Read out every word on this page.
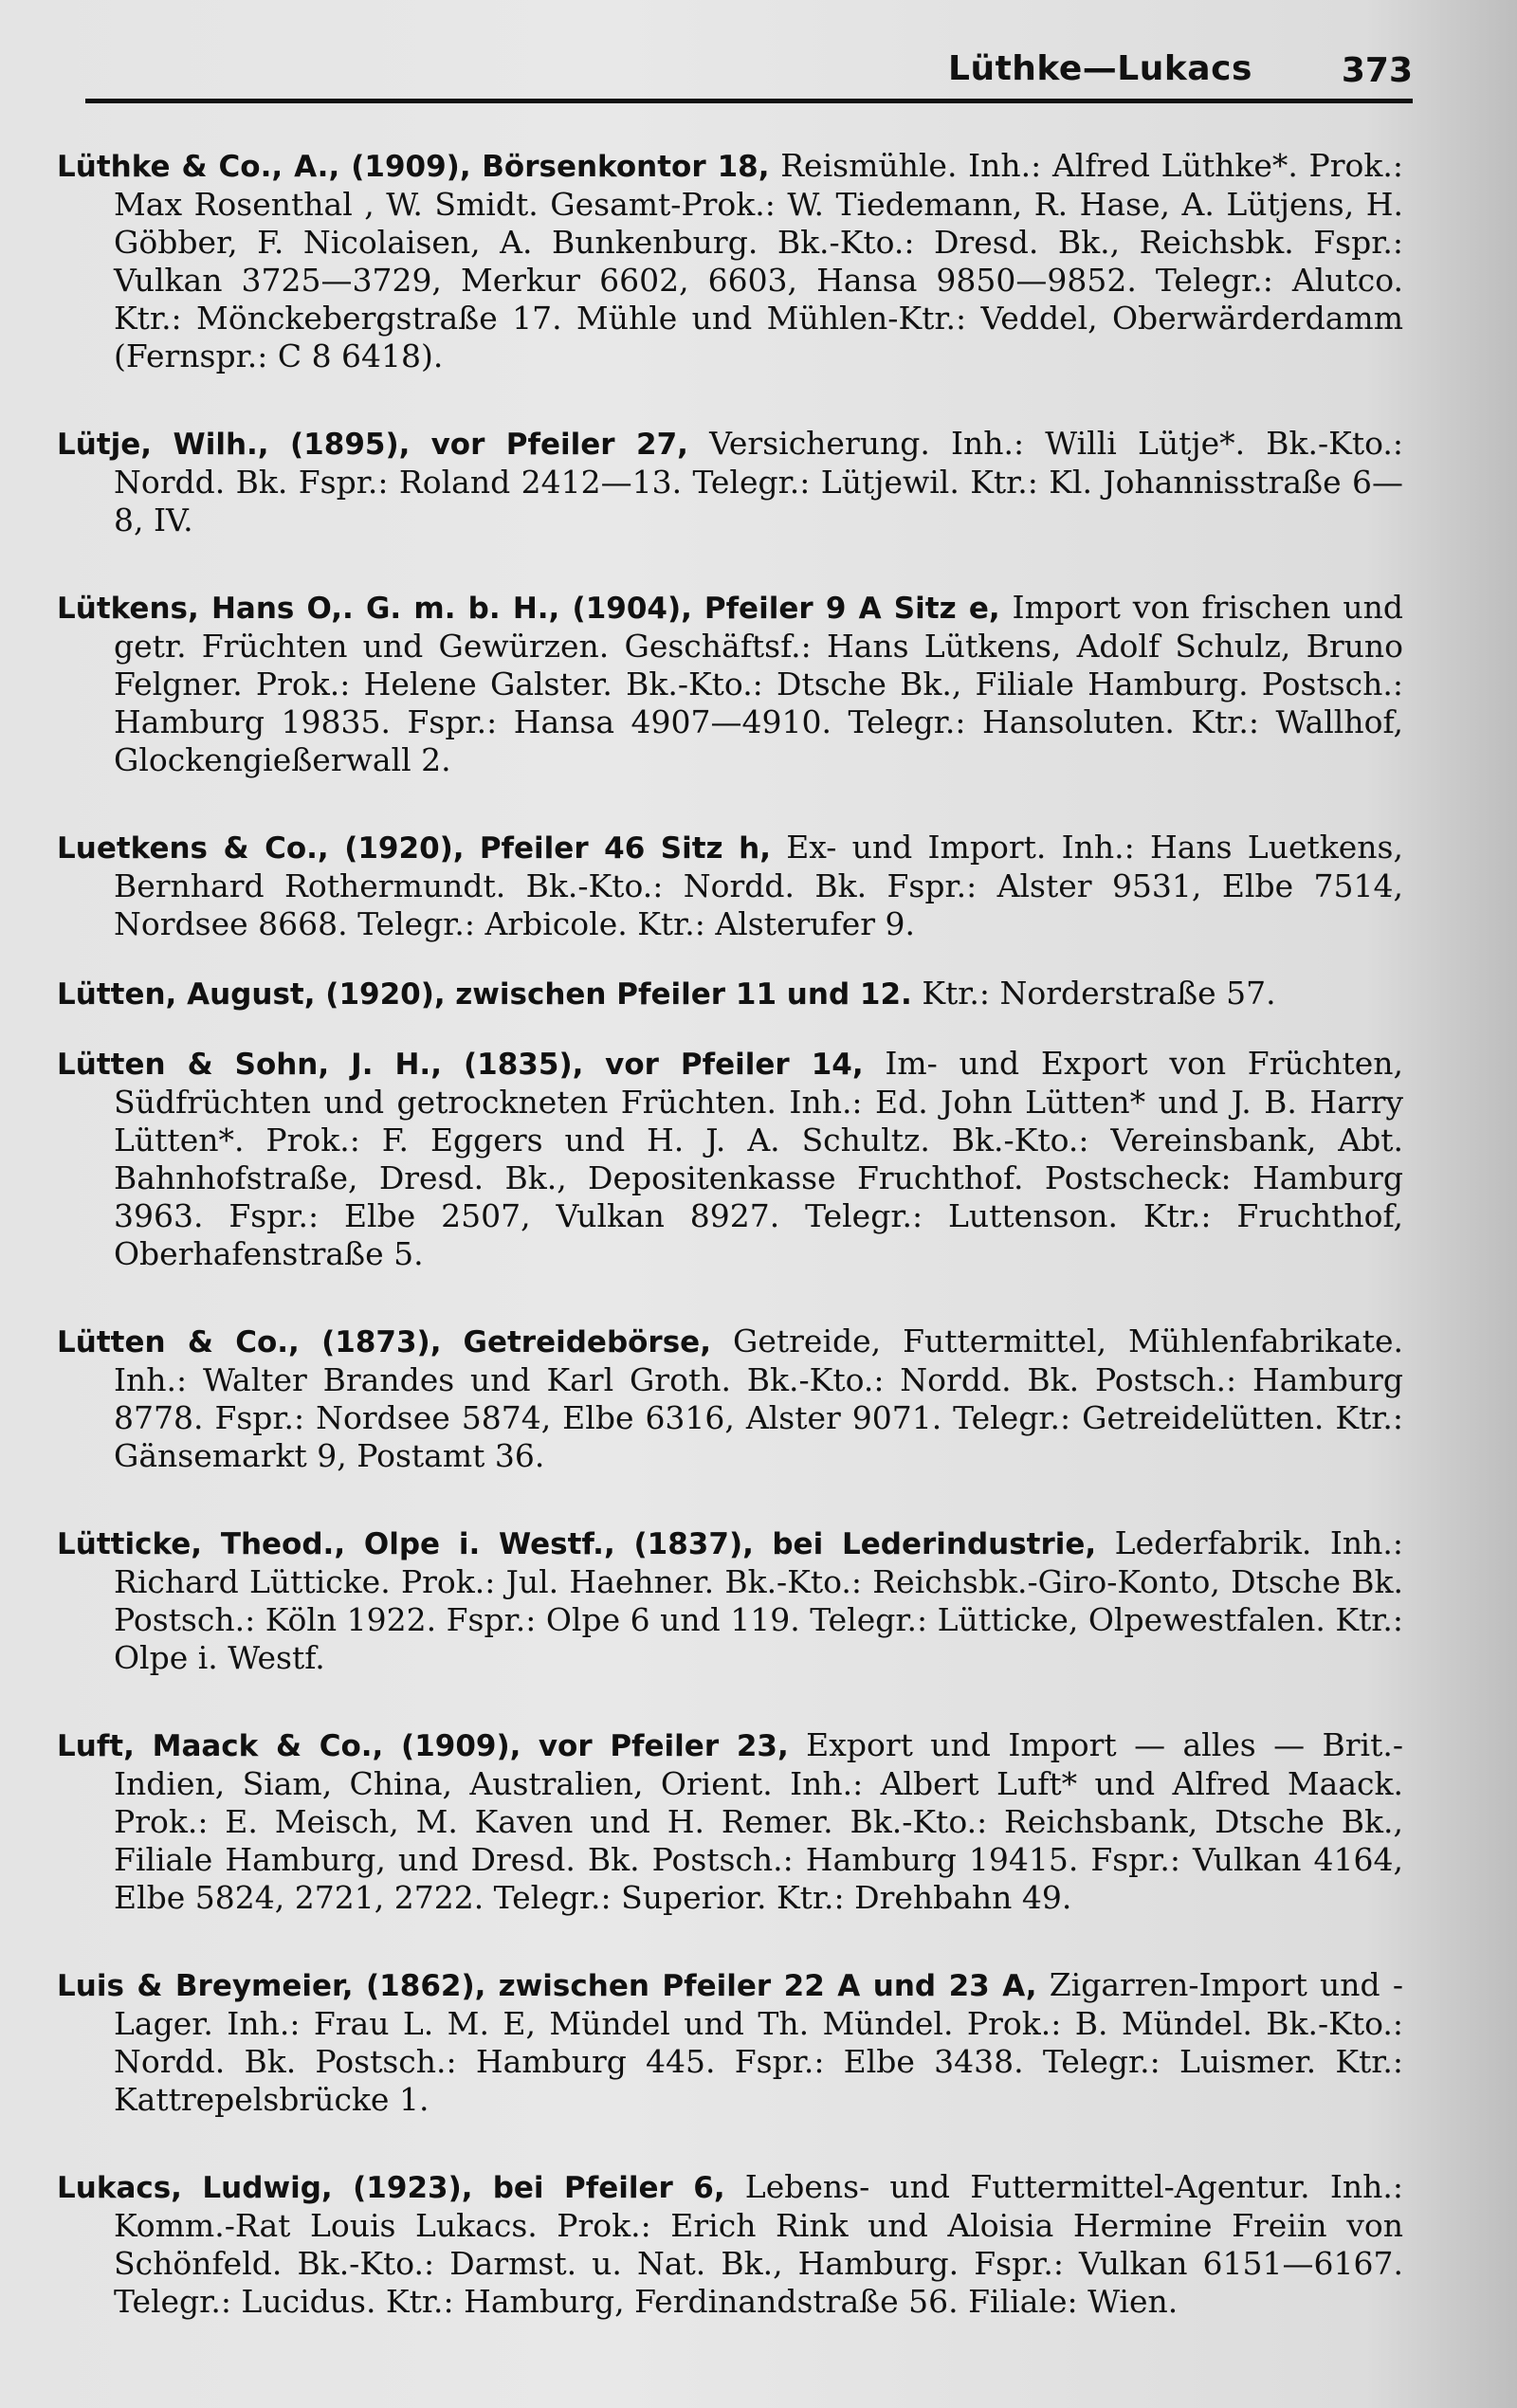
Lüthke—Lukacs	373

Lüthke & Co., A., (1909), Börsenkontor 18, Reismühle. Inh.: Alfred Lüthke*. Prok.: Max Rosenthal , W. Smidt. Gesamt-Prok.: W. Tiedemann, R. Hase, A. Lütjens, H. Göbber, F. Nicolaisen, A. Bunkenburg. Bk.-Kto.: Dresd. Bk., Reichsbk. Fspr.: Vulkan 3725—3729, Merkur 6602, 6603, Hansa 9850—9852. Telegr.: Alutco. Ktr.: Mönckebergstraße 17. Mühle und Mühlen-Ktr.: Veddel, Oberwärderdamm (Fernspr.: C 8 6418).

Lütje, Wilh., (1895), vor Pfeiler 27, Versicherung. Inh.: Willi Lütje*. Bk.-Kto.: Nordd. Bk. Fspr.: Roland 2412—13. Telegr.: Lütjewil. Ktr.: Kl. Johannisstraße 6—8, IV.

Lütkens, Hans O,. G. m. b. H., (1904), Pfeiler 9 A Sitz e, Import von frischen und getr. Früchten und Gewürzen. Geschäftsf.: Hans Lütkens, Adolf Schulz, Bruno Felgner. Prok.: Helene Galster. Bk.-Kto.: Dtsche Bk., Filiale Hamburg. Postsch.: Hamburg 19835. Fspr.: Hansa 4907—4910. Telegr.: Hansoluten. Ktr.: Wallhof, Glockengießerwall 2.

Luetkens & Co., (1920), Pfeiler 46 Sitz h, Ex- und Import. Inh.: Hans Luetkens, Bernhard Rothermundt. Bk.-Kto.: Nordd. Bk. Fspr.: Alster 9531, Elbe 7514, Nordsee 8668. Telegr.: Arbicole. Ktr.: Alsterufer 9.

Lütten, August, (1920), zwischen Pfeiler 11 und 12. Ktr.: Norderstraße 57.

Lütten & Sohn, J. H., (1835), vor Pfeiler 14, Im- und Export von Früchten, Südfrüchten und getrockneten Früchten. Inh.: Ed. John Lütten* und J. B. Harry Lütten*. Prok.: F. Eggers und H. J. A. Schultz. Bk.-Kto.: Vereinsbank, Abt. Bahnhofstraße, Dresd. Bk., Depositenkasse Fruchthof. Postscheck: Hamburg 3963. Fspr.: Elbe 2507, Vulkan 8927. Telegr.: Luttenson. Ktr.: Fruchthof, Oberhafenstraße 5.

Lütten & Co., (1873), Getreidebörse, Getreide, Futtermittel, Mühlenfabrikate. Inh.: Walter Brandes und Karl Groth. Bk.-Kto.: Nordd. Bk. Postsch.: Hamburg 8778. Fspr.: Nordsee 5874, Elbe 6316, Alster 9071. Telegr.: Getreidelütten. Ktr.: Gänsemarkt 9, Postamt 36.

Lütticke, Theod., Olpe i. Westf., (1837), bei Lederindustrie, Lederfabrik. Inh.: Richard Lütticke. Prok.: Jul. Haehner. Bk.-Kto.: Reichsbk.-Giro-Konto, Dtsche Bk. Postsch.: Köln 1922. Fspr.: Olpe 6 und 119. Telegr.: Lütticke, Olpewestfalen. Ktr.: Olpe i. Westf.

Luft, Maack & Co., (1909), vor Pfeiler 23, Export und Import — alles — Brit.-Indien, Siam, China, Australien, Orient. Inh.: Albert Luft* und Alfred Maack. Prok.: E. Meisch, M. Kaven und H. Remer. Bk.-Kto.: Reichsbank, Dtsche Bk., Filiale Hamburg, und Dresd. Bk. Postsch.: Hamburg 19415. Fspr.: Vulkan 4164, Elbe 5824, 2721, 2722. Telegr.: Superior. Ktr.: Drehbahn 49.

Luis & Breymeier, (1862), zwischen Pfeiler 22 A und 23 A, Zigarren-Import und -Lager. Inh.: Frau L. M. E, Mündel und Th. Mündel. Prok.: B. Mündel. Bk.-Kto.: Nordd. Bk. Postsch.: Hamburg 445. Fspr.: Elbe 3438. Telegr.: Luismer. Ktr.: Kattrepelsbrücke 1.

Lukacs, Ludwig, (1923), bei Pfeiler 6, Lebens- und Futtermittel-Agentur. Inh.: Komm.-Rat Louis Lukacs. Prok.: Erich Rink und Aloisia Hermine Freiin von Schönfeld. Bk.-Kto.: Darmst. u. Nat. Bk., Hamburg. Fspr.: Vulkan 6151—6167. Telegr.: Lucidus. Ktr.: Hamburg, Ferdinandstraße 56. Filiale: Wien.
